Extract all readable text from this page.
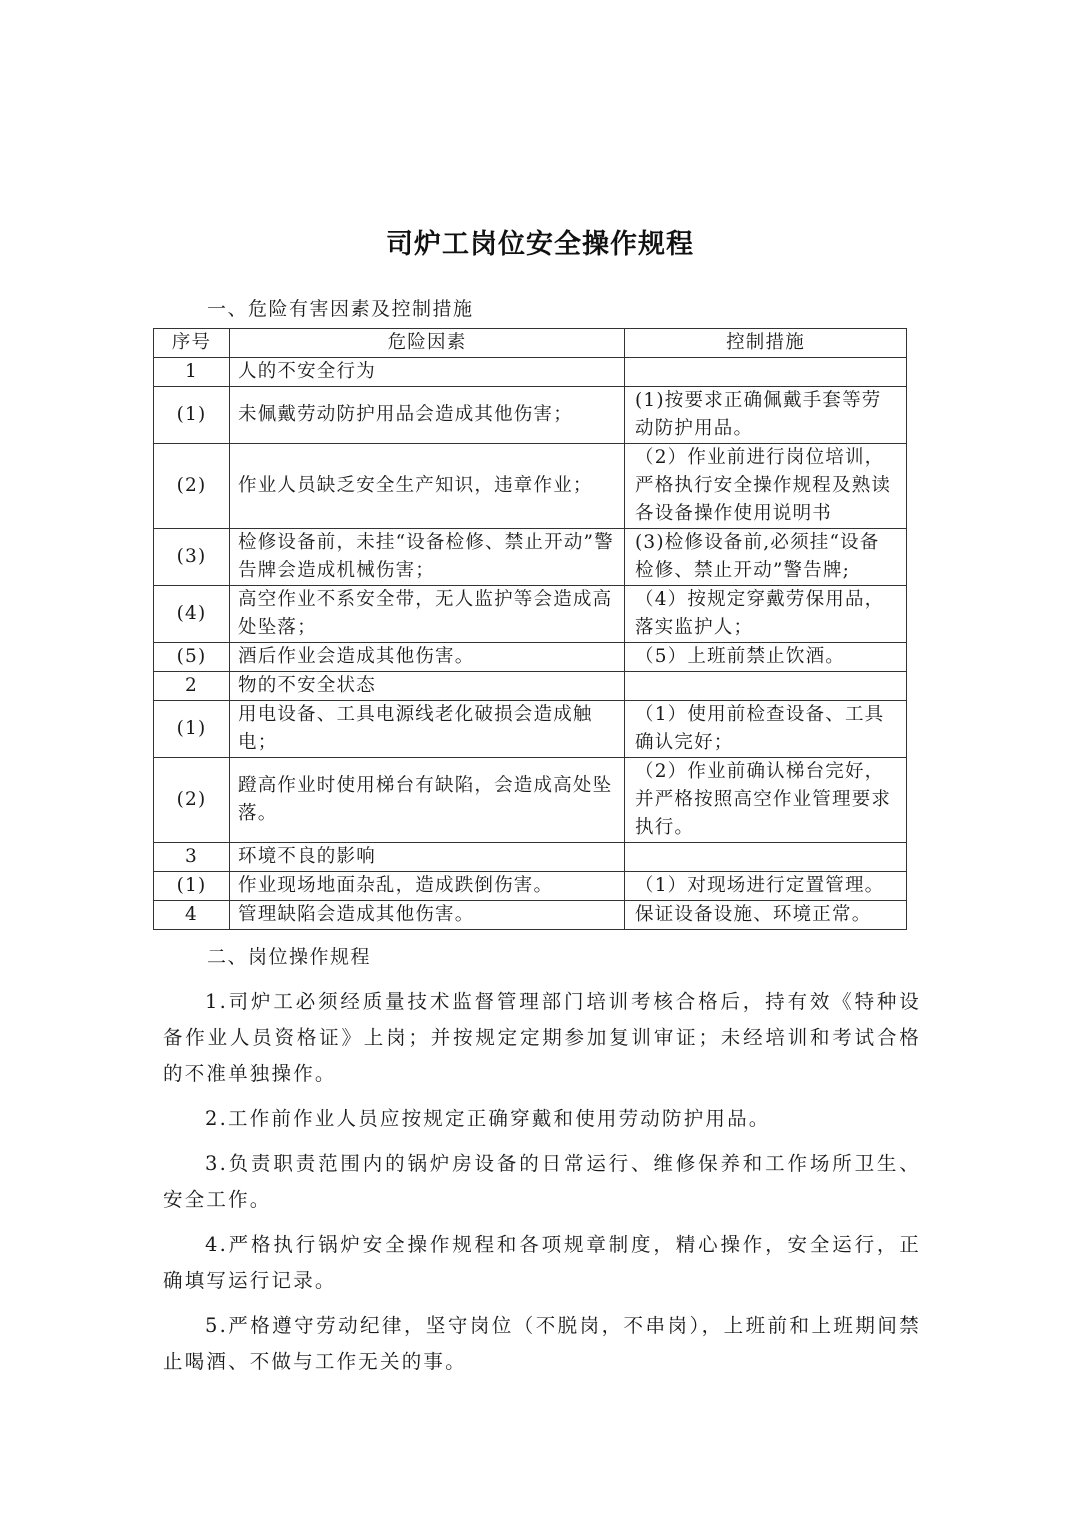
司炉工岗位安全操作规程
一、危险有害因素及控制措施
序号	危险因素	控制措施
1	人的不安全行为	
(1)	未佩戴劳动防护用品会造成其他伤害；	(1)按要求正确佩戴手套等劳动防护用品。
(2)	作业人员缺乏安全生产知识，违章作业；	（2）作业前进行岗位培训，严格执行安全操作规程及熟读各设备操作使用说明书
(3)	检修设备前，未挂“设备检修、禁止开动”警告牌会造成机械伤害；	(3)检修设备前,必须挂“设备检修、禁止开动”警告牌;
(4)	高空作业不系安全带，无人监护等会造成高处坠落；	（4）按规定穿戴劳保用品，落实监护人；
(5)	酒后作业会造成其他伤害。	（5）上班前禁止饮酒。
2	物的不安全状态	
(1)	用电设备、工具电源线老化破损会造成触电；	（1）使用前检查设备、工具确认完好；
(2)	蹬高作业时使用梯台有缺陷，会造成高处坠落。	（2）作业前确认梯台完好，并严格按照高空作业管理要求执行。
3	环境不良的影响	
(1)	作业现场地面杂乱，造成跌倒伤害。	（1）对现场进行定置管理。
4	管理缺陷会造成其他伤害。	保证设备设施、环境正常。
二、岗位操作规程

1.司炉工必须经质量技术监督管理部门培训考核合格后，持有效《特种设备作业人员资格证》上岗；并按规定定期参加复训审证；未经培训和考试合格的不准单独操作。

2.工作前作业人员应按规定正确穿戴和使用劳动防护用品。

3.负责职责范围内的锅炉房设备的日常运行、维修保养和工作场所卫生、安全工作。

4.严格执行锅炉安全操作规程和各项规章制度，精心操作，安全运行，正确填写运行记录。

5.严格遵守劳动纪律，坚守岗位（不脱岗，不串岗），上班前和上班期间禁止喝酒、不做与工作无关的事。
